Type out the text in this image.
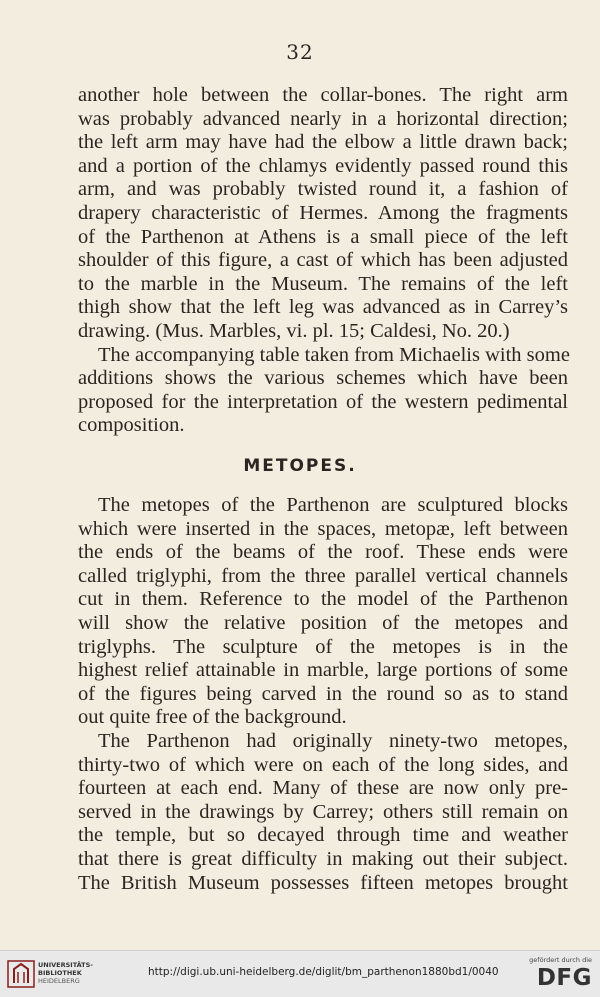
32
another hole between the collar-bones. The right arm
was probably advanced nearly in a horizontal direction;
the left arm may have had the elbow a little drawn back;
and a portion of the chlamys evidently passed round this
arm, and was probably twisted round it, a fashion of
drapery characteristic of Hermes. Among the fragments
of the Parthenon at Athens is a small piece of the left
shoulder of this figure, a cast of which has been adjusted
to the marble in the Museum. The remains of the left
thigh show that the left leg was advanced as in Carrey’s
drawing. (Mus. Marbles, vi. pl. 15; Caldesi, No. 20.)
The accompanying table taken from Michaelis with some
additions shows the various schemes which have been
proposed for the interpretation of the western pedimental
composition.
METOPES.
The metopes of the Parthenon are sculptured blocks
which were inserted in the spaces, metopæ, left between
the ends of the beams of the roof. These ends were
called triglyphi, from the three parallel vertical channels
cut in them. Reference to the model of the Parthenon
will show the relative position of the metopes and
triglyphs. The sculpture of the metopes is in the
highest relief attainable in marble, large portions of some
of the figures being carved in the round so as to stand
out quite free of the background.
The Parthenon had originally ninety-two metopes,
thirty-two of which were on each of the long sides, and
fourteen at each end. Many of these are now only pre-
served in the drawings by Carrey; others still remain on
the temple, but so decayed through time and weather
that there is great difficulty in making out their subject.
The British Museum possesses fifteen metopes brought
UNIVERSITÄTS-
BIBLIOTHEK
HEIDELBERG
http://digi.ub.uni-heidelberg.de/diglit/bm_parthenon1880bd1/0040
gefördert durch die
DFG
